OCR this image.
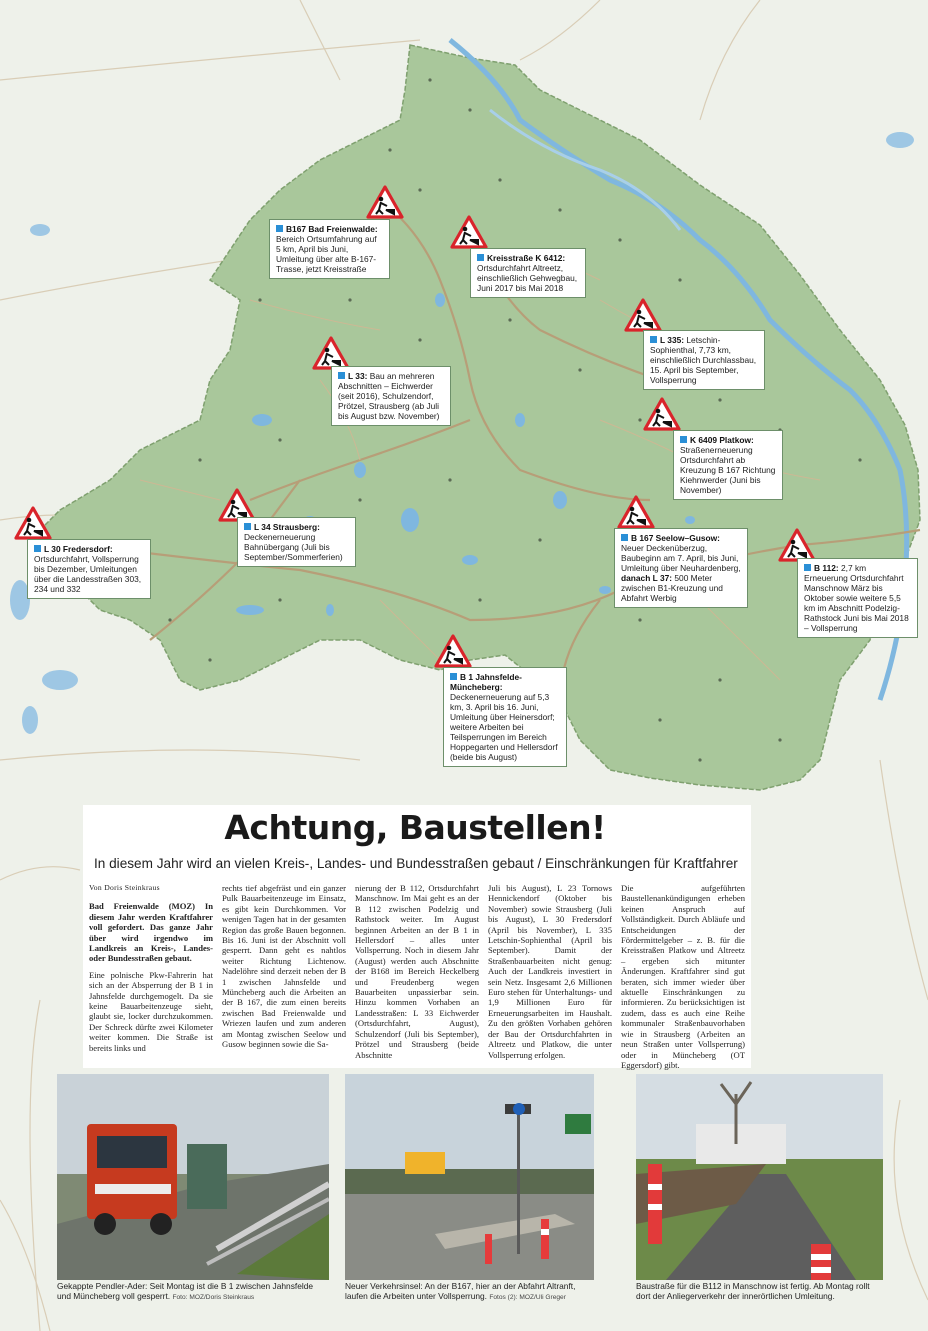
B167 Bad Freienwalde: Bereich Ortsumfahrung auf 5 km, April bis Juni, Umleitung über alte B-167-Trasse, jetzt Kreisstraße
Kreisstraße K 6412: Ortsdurchfahrt Altreetz, einschließlich Gehwegbau, Juni 2017 bis Mai 2018
L 335: Letschin-Sophienthal, 7,73 km, einschließlich Durchlassbau, 15. April bis September, Vollsperrung
L 33: Bau an mehreren Abschnitten – Eichwerder (seit 2016), Schulzendorf, Prötzel, Strausberg (ab Juli bis August bzw. November)
K 6409 Platkow: Straßenerneuerung Ortsdurchfahrt ab Kreuzung B 167 Richtung Kiehnwerder (Juni bis November)
L 34 Strausberg: Deckenerneuerung Bahnübergang (Juli bis September/Sommerferien)
L 30 Fredersdorf: Ortsdurchfahrt, Vollsperrung bis Dezember, Umleitungen über die Landesstraßen 303, 234 und 332
B 167 Seelow–Gusow: Neuer Deckenüberzug, Baubeginn am 7. April, bis Juni, Umleitung über Neuhardenberg, danach L 37: 500 Meter zwischen B1-Kreuzung und Abfahrt Werbig
B 112: 2,7 km Erneuerung Ortsdurchfahrt Manschnow März bis Oktober sowie weitere 5,5 km im Abschnitt Podelzig-Rathstock Juni bis Mai 2018 – Vollsperrung
B 1 Jahnsfelde-Müncheberg: Deckenerneuerung auf 5,3 km, 3. April bis 16. Juni, Umleitung über Heinersdorf; weitere Arbeiten bei Teilsperrungen im Bereich Hoppegarten und Hellersdorf (beide bis August)
Achtung, Baustellen!
In diesem Jahr wird an vielen Kreis-, Landes- und Bundesstraßen gebaut / Einschränkungen für Kraftfahrer

Von Doris Steinkraus

Bad Freienwalde (MOZ) In diesem Jahr werden Kraftfahrer voll gefordert. Das ganze Jahr über wird irgendwo im Landkreis an Kreis-, Landes- oder Bundesstraßen gebaut.

Eine polnische Pkw-Fahrerin hat sich an der Absperrung der B 1 in Jahnsfelde durchgemogelt. Da sie keine Bauarbeitenzeuge sieht, glaubt sie, locker durchzukommen. Der Schreck dürfte zwei Kilometer weiter kommen. Die Straße ist bereits links und

rechts tief abgefräst und ein ganzer Pulk Bauarbeitenzeuge im Einsatz, es gibt kein Durchkommen. Vor wenigen Tagen hat in der gesamten Region das große Bauen begonnen. Bis 16. Juni ist der Abschnitt voll gesperrt. Dann geht es nahtlos weiter Richtung Lichtenow. Nadelöhre sind derzeit neben der B 1 zwischen Jahnsfelde und Müncheberg auch die Arbeiten an der B 167, die zum einen bereits zwischen Bad Freienwalde und Wriezen laufen und zum anderen am Montag zwischen Seelow und Gusow beginnen sowie die Sa-

nierung der B 112, Ortsdurchfahrt Manschnow. Im Mai geht es an der B 112 zwischen Podelzig und Rathstock weiter. Im August beginnen Arbeiten an der B 1 in Hellersdorf – alles unter Vollsperrung. Noch in diesem Jahr (August) werden auch Abschnitte der B168 im Bereich Heckelberg und Freudenberg wegen Bauarbeiten unpassierbar sein. Hinzu kommen Vorhaben an Landesstraßen: L 33 Eichwerder (Ortsdurchfahrt, August), Schulzendorf (Juli bis September), Prötzel und Strausberg (beide Abschnitte

Juli bis August), L 23 Tornows Hennickendorf (Oktober bis November) sowie Strausberg (Juli bis August), L 30 Fredersdorf (April bis November), L 335 Letschin-Sophienthal (April bis September). Damit der Straßenbauarbeiten nicht genug: Auch der Landkreis investiert in sein Netz. Insgesamt 2,6 Millionen Euro stehen für Unterhaltungs- und 1,9 Millionen Euro für Erneuerungsarbeiten im Haushalt. Zu den größten Vorhaben gehören der Bau der Ortsdurchfahrten in Altreetz und Platkow, die unter Vollsperrung erfolgen.

Die aufgeführten Baustellenankündigungen erheben keinen Anspruch auf Vollständigkeit. Durch Abläufe und Entscheidungen der Fördermittelgeber – z. B. für die Kreisstraßen Platkow und Altreetz – ergeben sich mitunter Änderungen. Kraftfahrer sind gut beraten, sich immer wieder über aktuelle Einschränkungen zu informieren. Zu berücksichtigen ist zudem, dass es auch eine Reihe kommunaler Straßenbauvorhaben wie in Strausberg (Arbeiten an neun Straßen unter Vollsperrung) oder in Müncheberg (OT Eggersdorf) gibt.

Gekappte Pendler-Ader: Seit Montag ist die B 1 zwischen Jahnsfelde und Müncheberg voll gesperrt. Foto: MOZ/Doris Steinkraus
Neuer Verkehrsinsel: An der B167, hier an der Abfahrt Altranft, laufen die Arbeiten unter Vollsperrung. Fotos (2): MOZ/Uli Greger
Baustraße für die B112 in Manschnow ist fertig. Ab Montag rollt dort der Anliegerverkehr der innerörtlichen Umleitung.
